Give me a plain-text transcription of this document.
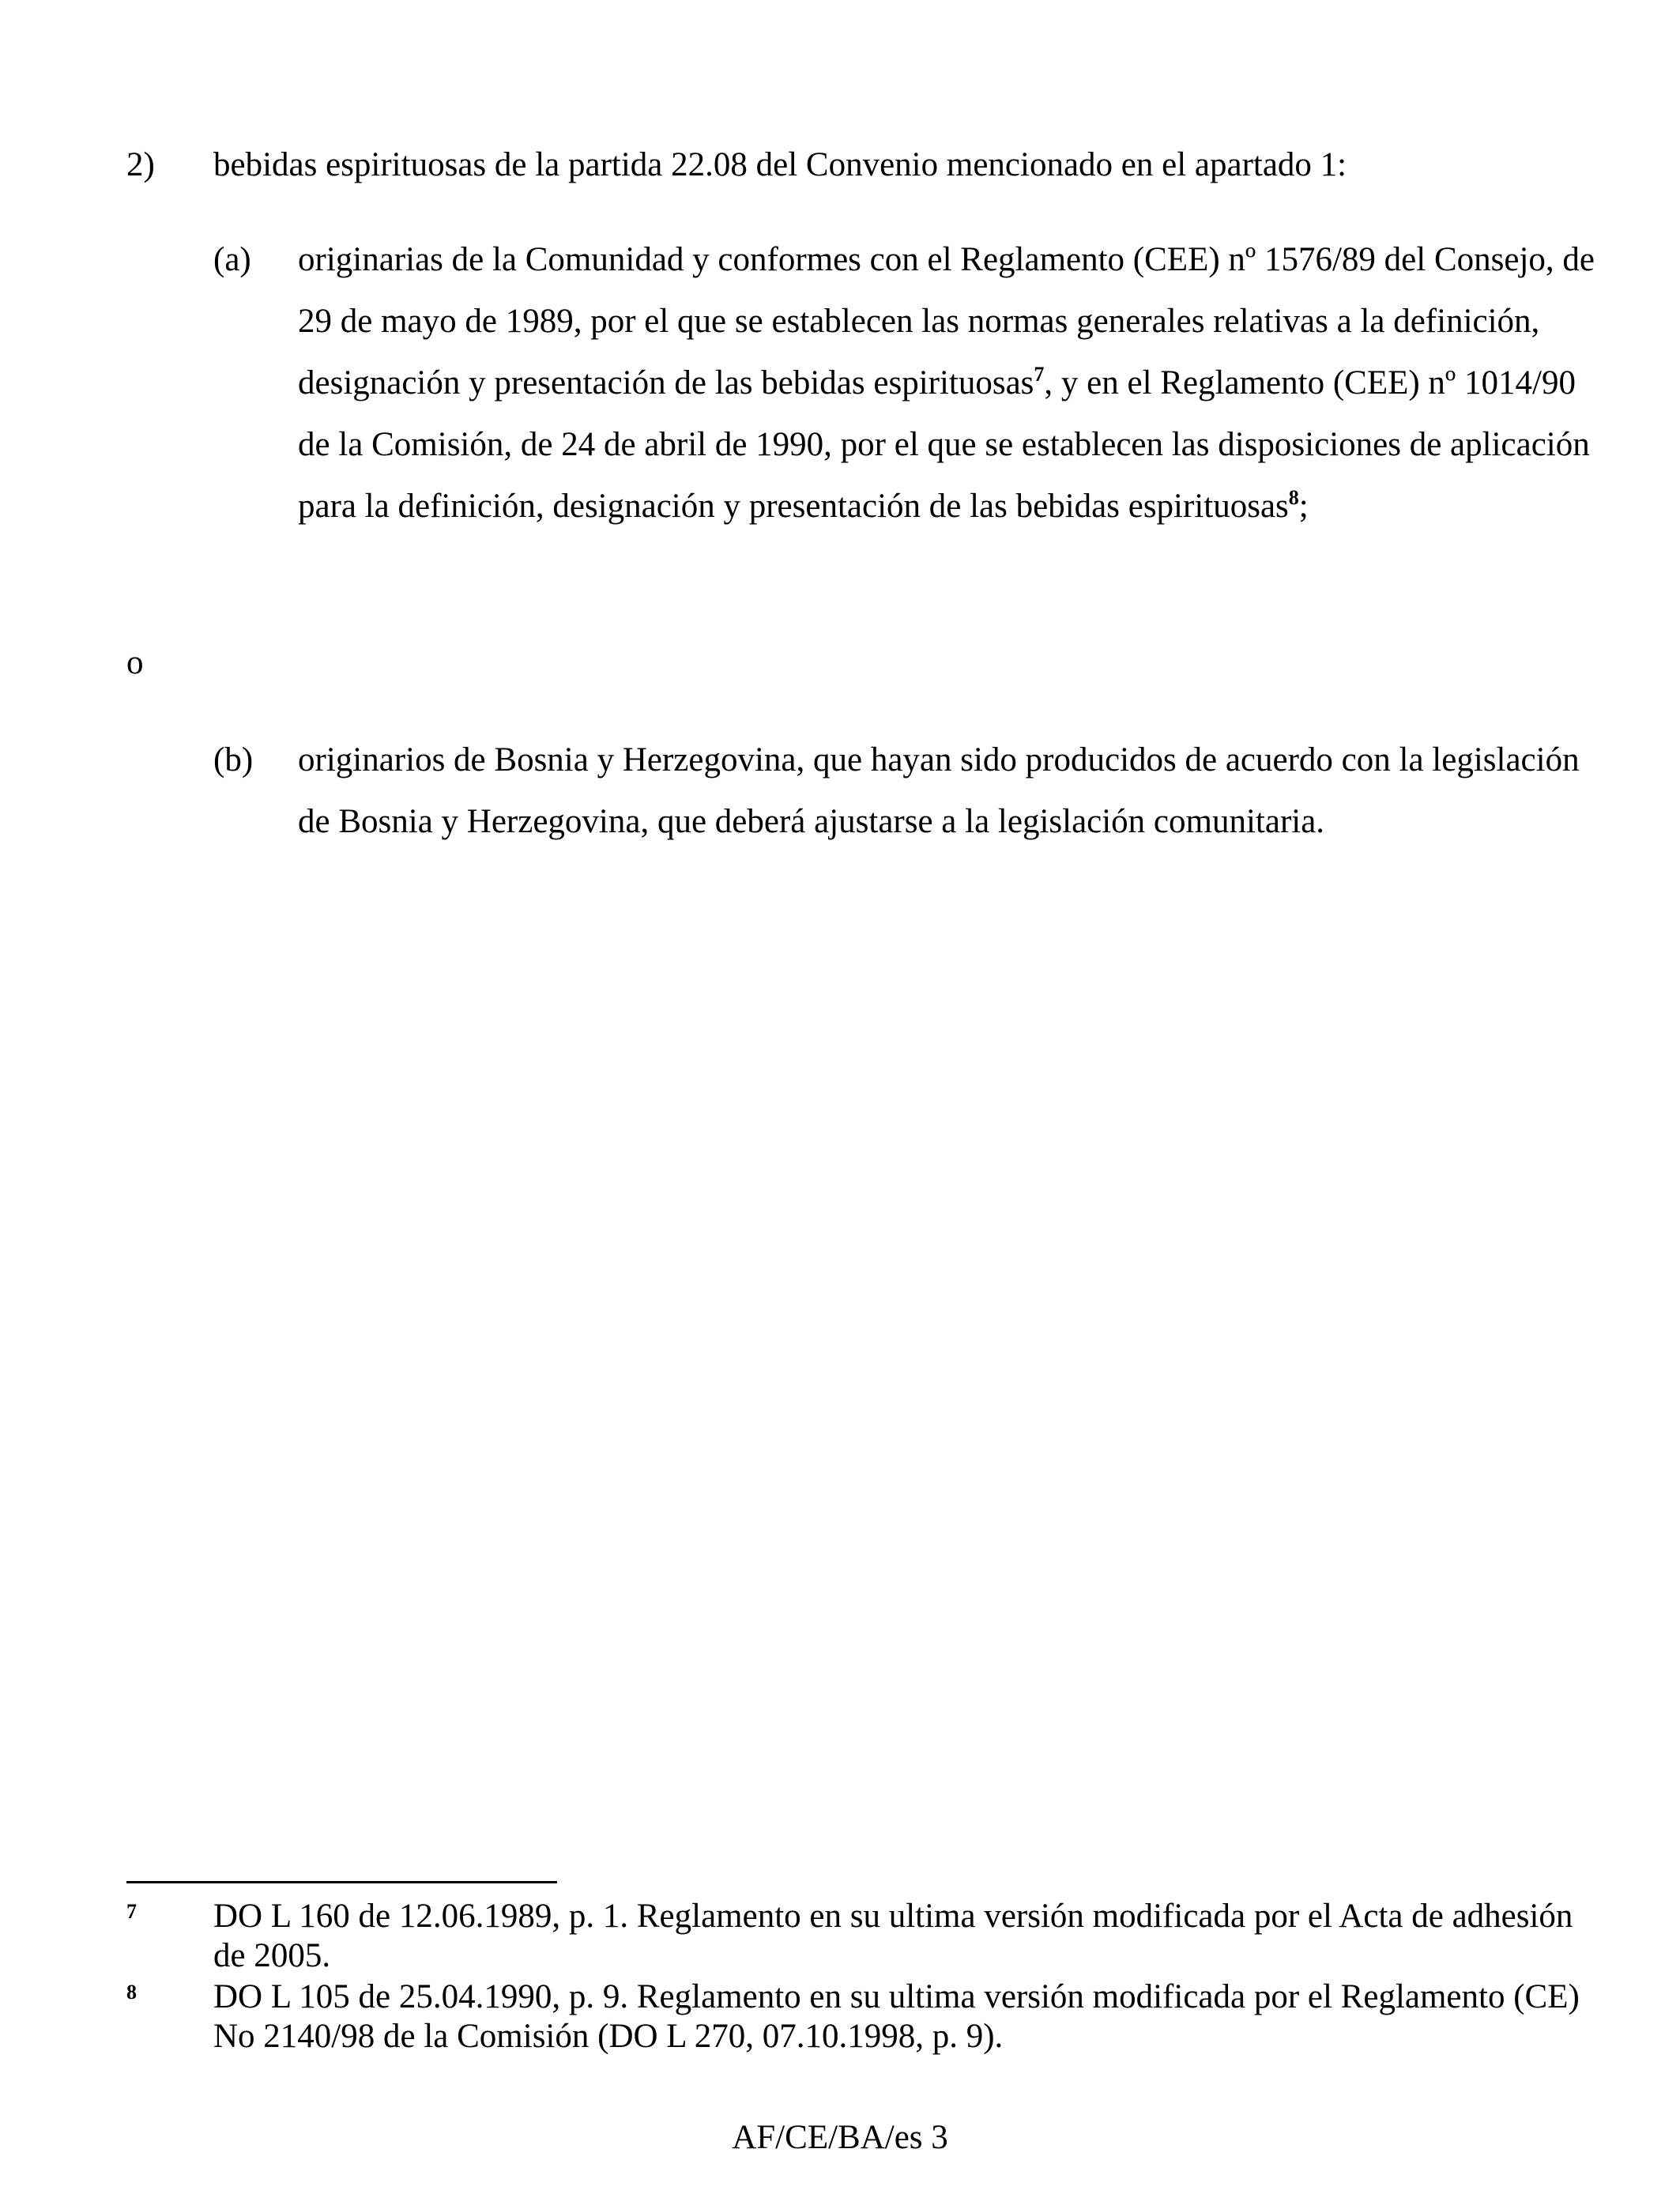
2) bebidas espirituosas de la partida 22.08 del Convenio mencionado en el apartado 1:
(a) originarias de la Comunidad y conformes con el Reglamento (CEE) nº 1576/89 del Consejo, de 29 de mayo de 1989, por el que se establecen las normas generales relativas a la definición, designación y presentación de las bebidas espirituosas$^7$, y en el Reglamento (CEE) nº 1014/90 de la Comisión, de 24 de abril de 1990, por el que se establecen las disposiciones de aplicación para la definición, designación y presentación de las bebidas espirituosas$^8$;
o
(b) originarios de Bosnia y Herzegovina, que hayan sido producidos de acuerdo con la legislación de Bosnia y Herzegovina, que deberá ajustarse a la legislación comunitaria.
7 DO L 160 de 12.06.1989, p. 1. Reglamento en su ultima versión modificada por el Acta de adhesión de 2005.
8 DO L 105 de 25.04.1990, p. 9. Reglamento en su ultima versión modificada por el Reglamento (CE) No 2140/98 de la Comisión (DO L 270, 07.10.1998, p. 9).
AF/CE/BA/es 3
